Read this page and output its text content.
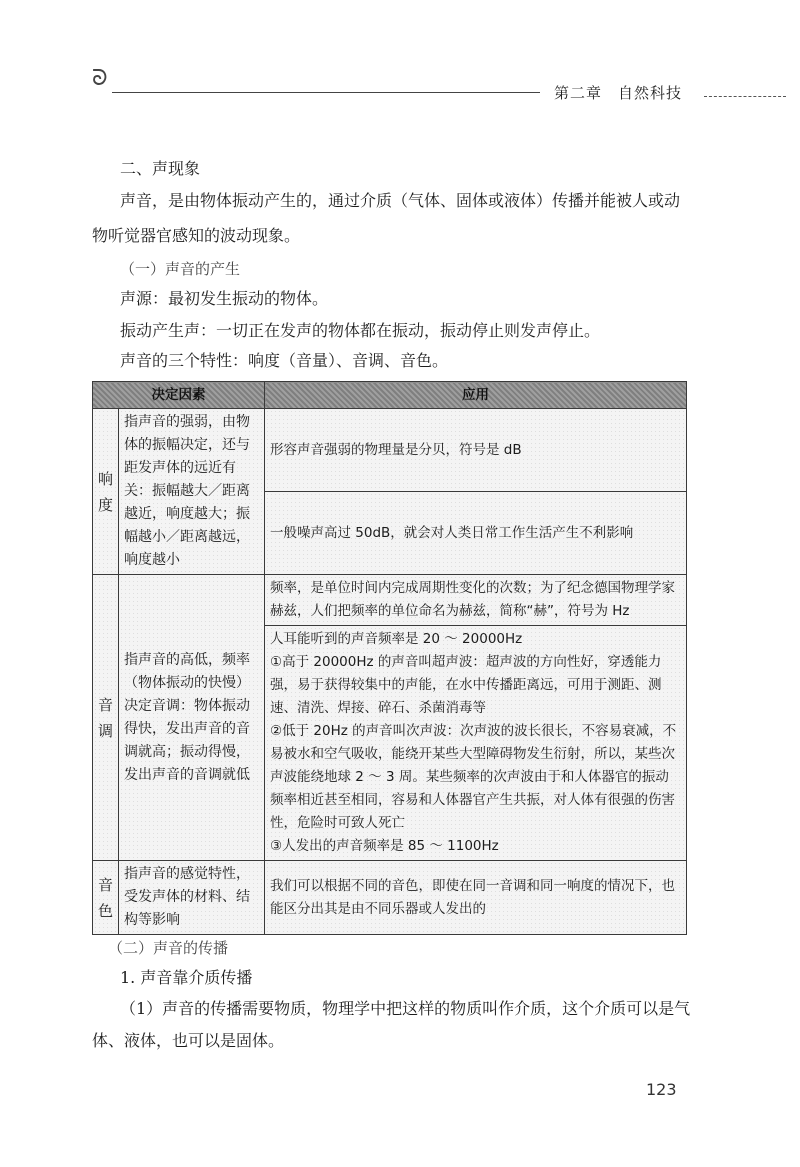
ᘐ
第二章　自然科技
二、声现象
声音，是由物体振动产生的，通过介质（气体、固体或液体）传播并能被人或动
物听觉器官感知的波动现象。
（一）声音的产生
声源：最初发生振动的物体。
振动产生声：一切正在发声的物体都在振动，振动停止则发声停止。
声音的三个特性：响度（音量）、音调、音色。
决定因素		应用

响
度	指声音的强弱，由物体的振幅决定，还与距发声体的远近有关：振幅越大／距离越近，响度越大；振幅越小／距离越远，响度越小	形容声音强弱的物理量是分贝，符号是 dB
		一般噪声高过 50dB，就会对人类日常工作生活产生不利影响

音
调	指声音的高低，频率（物体振动的快慢）决定音调：物体振动得快，发出声音的音调就高；振动得慢，发出声音的音调就低	频率，是单位时间内完成周期性变化的次数；为了纪念德国物理学家赫兹，人们把频率的单位命名为赫兹，简称“赫”，符号为 Hz

		人耳能听到的声音频率是 20 ～ 20000Hz
①高于 20000Hz 的声音叫超声波：超声波的方向性好，穿透能力强，易于获得较集中的声能，在水中传播距离远，可用于测距、测速、清洗、焊接、碎石、杀菌消毒等
②低于 20Hz 的声音叫次声波：次声波的波长很长，不容易衰减，不易被水和空气吸收，能绕开某些大型障碍物发生衍射，所以，某些次声波能绕地球 2 ～ 3 周。某些频率的次声波由于和人体器官的振动频率相近甚至相同，容易和人体器官产生共振，对人体有很强的伤害性，危险时可致人死亡
③人发出的声音频率是 85 ～ 1100Hz

音
色	指声音的感觉特性，受发声体的材料、结构等影响	我们可以根据不同的音色，即使在同一音调和同一响度的情况下，也能区分出其是由不同乐器或人发出的
（二）声音的传播
1. 声音靠介质传播
（1）声音的传播需要物质，物理学中把这样的物质叫作介质，这个介质可以是气
体、液体，也可以是固体。
123
